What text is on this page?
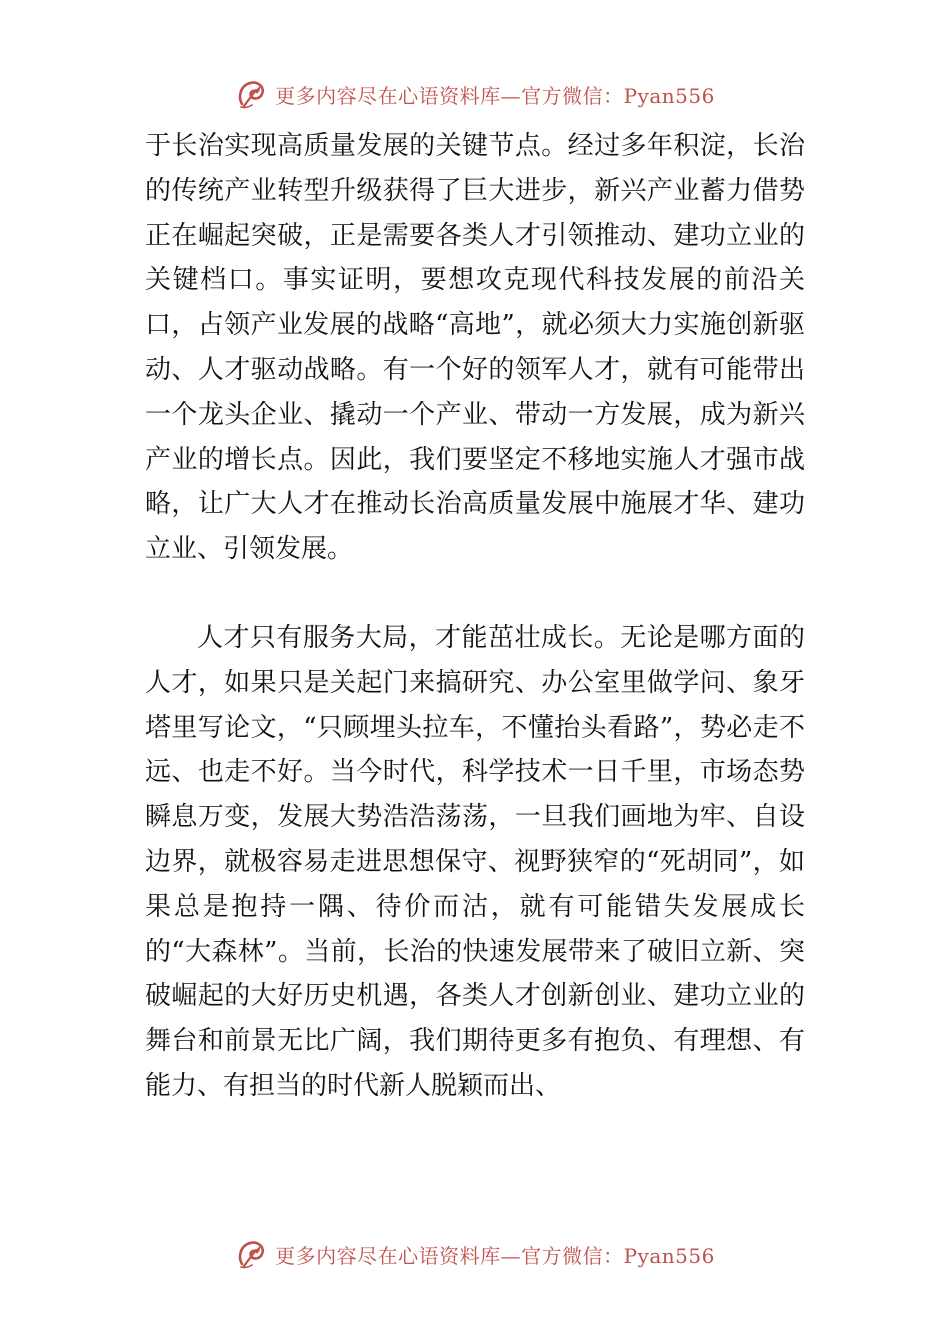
更多内容尽在心语资料库—官方微信：Pyan556

于长治实现高质量发展的关键节点。经过多年积淀，长治的传统产业转型升级获得了巨大进步，新兴产业蓄力借势正在崛起突破，正是需要各类人才引领推动、建功立业的关键档口。事实证明，要想攻克现代科技发展的前沿关口，占领产业发展的战略“高地”，就必须大力实施创新驱动、人才驱动战略。有一个好的领军人才，就有可能带出一个龙头企业、撬动一个产业、带动一方发展，成为新兴产业的增长点。因此，我们要坚定不移地实施人才强市战略，让广大人才在推动长治高质量发展中施展才华、建功立业、引领发展。

人才只有服务大局，才能茁壮成长。无论是哪方面的人才，如果只是关起门来搞研究、办公室里做学问、象牙塔里写论文，“只顾埋头拉车，不懂抬头看路”，势必走不远、也走不好。当今时代，科学技术一日千里，市场态势瞬息万变，发展大势浩浩荡荡，一旦我们画地为牢、自设边界，就极容易走进思想保守、视野狭窄的“死胡同”，如果总是抱持一隅、待价而沽，就有可能错失发展成长的“大森林”。当前，长治的快速发展带来了破旧立新、突破崛起的大好历史机遇，各类人才创新创业、建功立业的舞台和前景无比广阔，我们期待更多有抱负、有理想、有能力、有担当的时代新人脱颖而出、

更多内容尽在心语资料库—官方微信：Pyan556
